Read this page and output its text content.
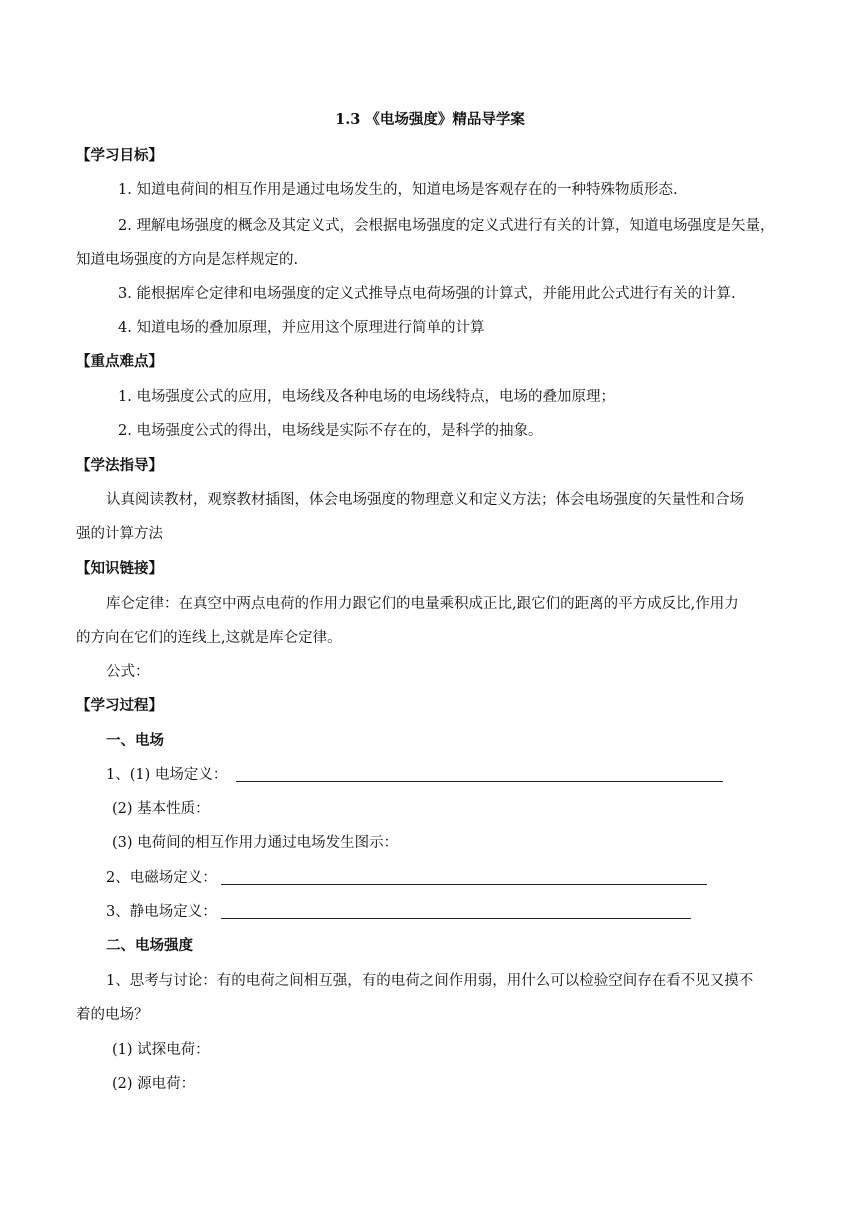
1.3 《电场强度》精品导学案
【学习目标】
1. 知道电荷间的相互作用是通过电场发生的，知道电场是客观存在的一种特殊物质形态.
2. 理解电场强度的概念及其定义式，会根据电场强度的定义式进行有关的计算，知道电场强度是矢量，
知道电场强度的方向是怎样规定的.
3. 能根据库仑定律和电场强度的定义式推导点电荷场强的计算式，并能用此公式进行有关的计算.
4. 知道电场的叠加原理，并应用这个原理进行简单的计算
【重点难点】
1. 电场强度公式的应用，电场线及各种电场的电场线特点，电场的叠加原理；
2. 电场强度公式的得出，电场线是实际不存在的，是科学的抽象。
【学法指导】
认真阅读教材，观察教材插图，体会电场强度的物理意义和定义方法；体会电场强度的矢量性和合场
强的计算方法
【知识链接】
库仑定律：在真空中两点电荷的作用力跟它们的电量乘积成正比,跟它们的距离的平方成反比,作用力
的方向在它们的连线上,这就是库仑定律。
公式：
【学习过程】
一、电场
1、(1) 电场定义：
(2) 基本性质：
(3) 电荷间的相互作用力通过电场发生图示：
2、电磁场定义：
3、静电场定义：
二、电场强度
1、思考与讨论：有的电荷之间相互强，有的电荷之间作用弱，用什么可以检验空间存在看不见又摸不
着的电场？
(1) 试探电荷：
(2) 源电荷：
